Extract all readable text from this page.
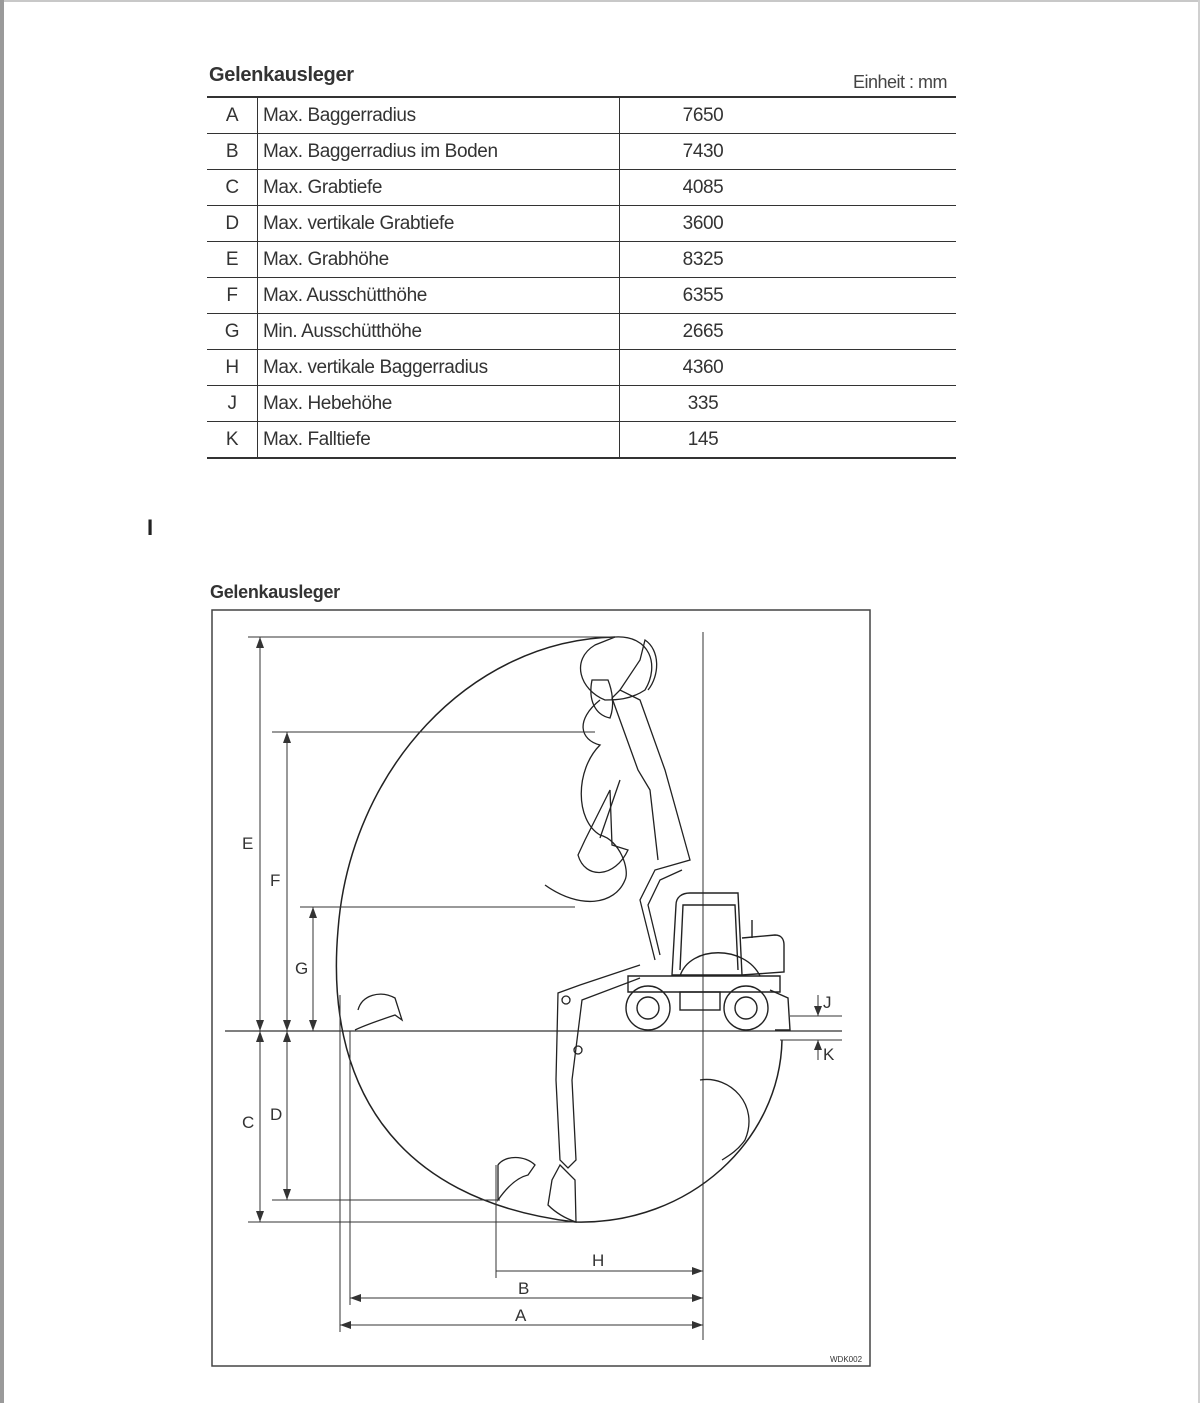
Gelenkausleger	Einheit : mm
A	Max. Baggerradius	7650
B	Max. Baggerradius im Boden	7430
C	Max. Grabtiefe	4085
D	Max. vertikale Grabtiefe	3600
E	Max. Grabhöhe	8325
F	Max. Ausschütthöhe	6355
G	Min. Ausschütthöhe	2665
H	Max. vertikale Baggerradius	4360
J	Max. Hebehöhe	335
K	Max. Falltiefe	145
I
Gelenkausleger
E
F
G
C D
H
B
A
J
K
WDK002
